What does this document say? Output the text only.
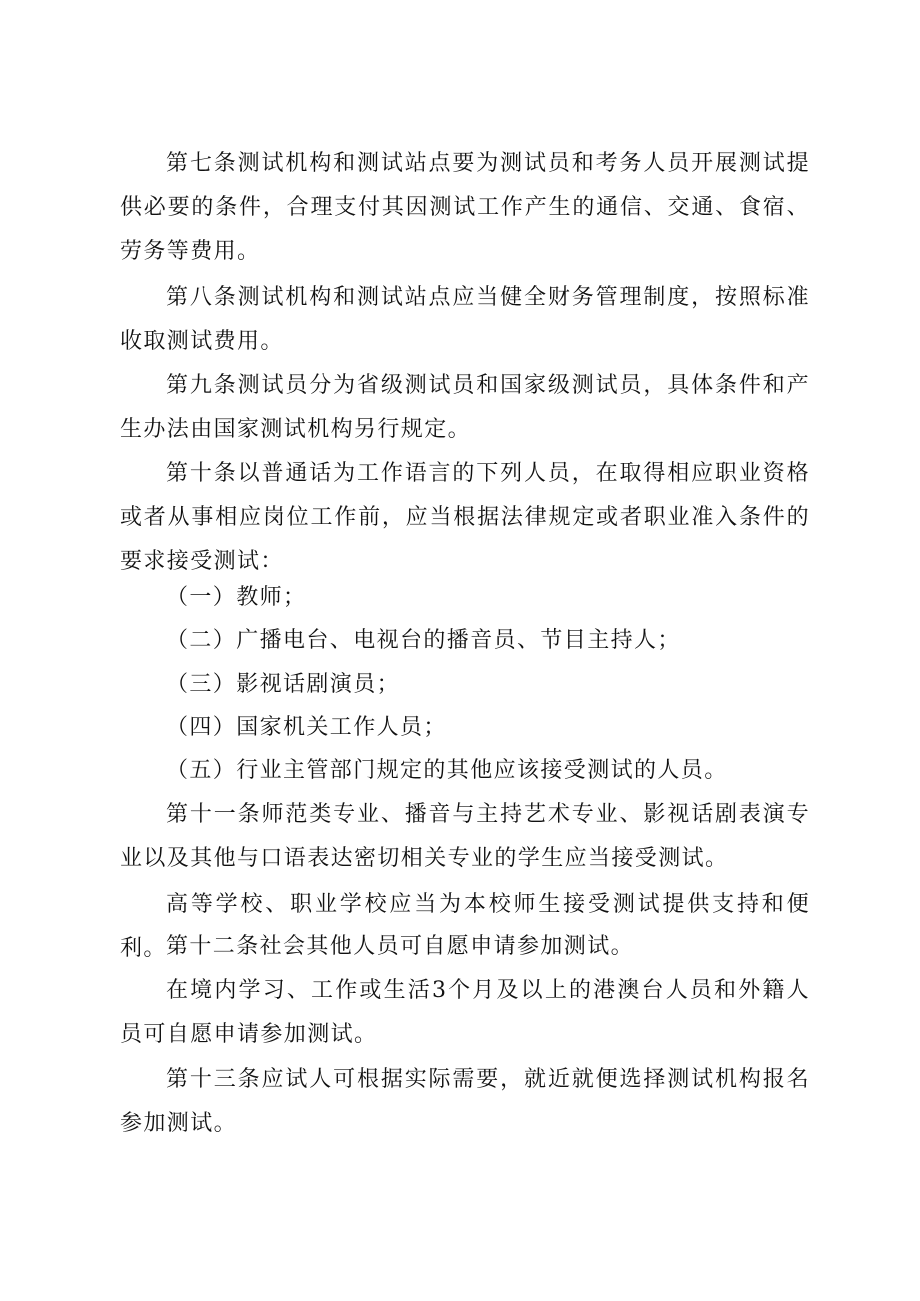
第七条测试机构和测试站点要为测试员和考务人员开展测试提供必要的条件，合理支付其因测试工作产生的通信、交通、食宿、劳务等费用。

第八条测试机构和测试站点应当健全财务管理制度，按照标准收取测试费用。

第九条测试员分为省级测试员和国家级测试员，具体条件和产生办法由国家测试机构另行规定。

第十条以普通话为工作语言的下列人员，在取得相应职业资格或者从事相应岗位工作前，应当根据法律规定或者职业准入条件的要求接受测试：

（一）教师；

（二）广播电台、电视台的播音员、节目主持人；

（三）影视话剧演员；

（四）国家机关工作人员；

（五）行业主管部门规定的其他应该接受测试的人员。

第十一条师范类专业、播音与主持艺术专业、影视话剧表演专业以及其他与口语表达密切相关专业的学生应当接受测试。

高等学校、职业学校应当为本校师生接受测试提供支持和便利。 第十二条社会其他人员可自愿申请参加测试。

在境内学习、工作或生活3个月及以上的港澳台人员和外籍人员可自愿申请参加测试。

第十三条应试人可根据实际需要，就近就便选择测试机构报名参加测试。
